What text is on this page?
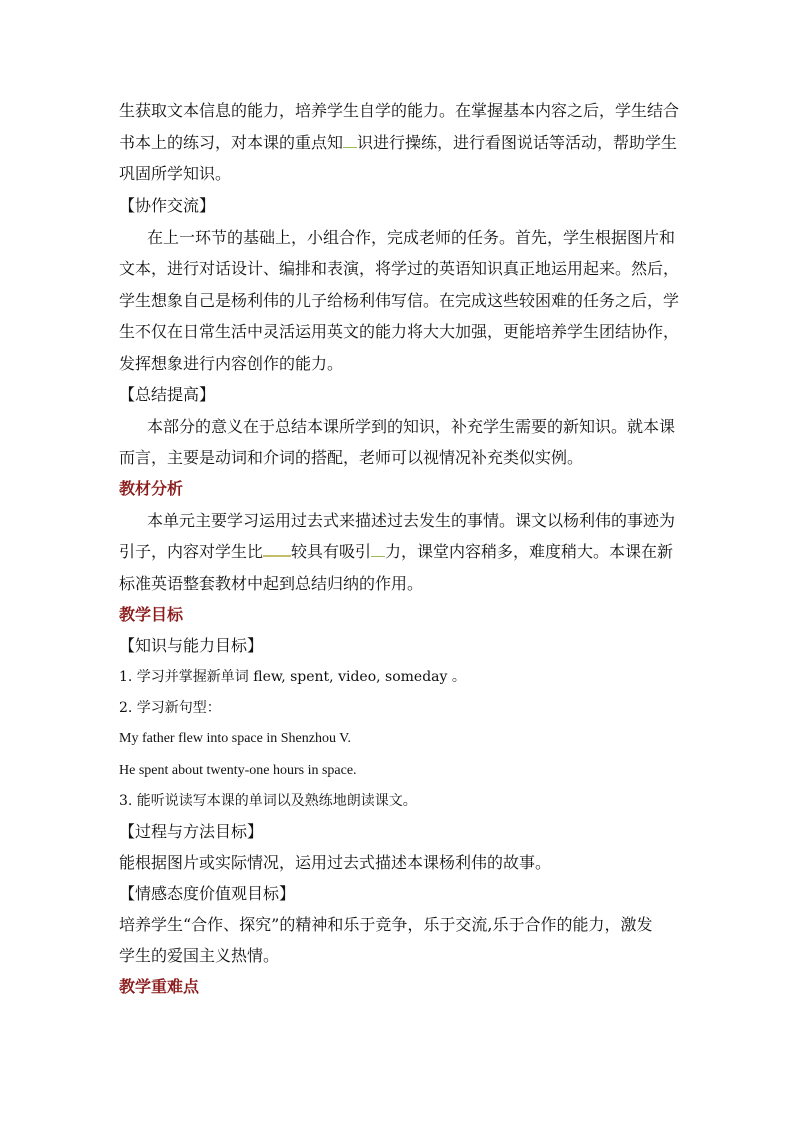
生获取文本信息的能力，培养学生自学的能力。在掌握基本内容之后，学生结合
书本上的练习，对本课的重点知 识进行操练，进行看图说话等活动，帮助学生
巩固所学知识。
【协作交流】
在上一环节的基础上，小组合作，完成老师的任务。首先，学生根据图片和
文本，进行对话设计、编排和表演，将学过的英语知识真正地运用起来。然后，
学生想象自己是杨利伟的儿子给杨利伟写信。在完成这些较困难的任务之后，学
生不仅在日常生活中灵活运用英文的能力将大大加强，更能培养学生团结协作，
发挥想象进行内容创作的能力。
【总结提高】
本部分的意义在于总结本课所学到的知识，补充学生需要的新知识。就本课
而言，主要是动词和介词的搭配，老师可以视情况补充类似实例。
教材分析
本单元主要学习运用过去式来描述过去发生的事情。课文以杨利伟的事迹为
引子，内容对学生比 较具有吸引 力，课堂内容稍多，难度稍大。本课在新
标准英语整套教材中起到总结归纳的作用。
教学目标
【知识与能力目标】
1. 学习并掌握新单词 flew, spent, video, someday 。
2. 学习新句型：
My father flew into space in Shenzhou V.
He spent about twenty-one hours in space.
3. 能听说读写本课的单词以及熟练地朗读课文。
【过程与方法目标】
能根据图片或实际情况，运用过去式描述本课杨利伟的故事。
【情感态度价值观目标】
培养学生“合作、探究”的精神和乐于竞争，乐于交流,乐于合作的能力，激发
学生的爱国主义热情。
教学重难点
